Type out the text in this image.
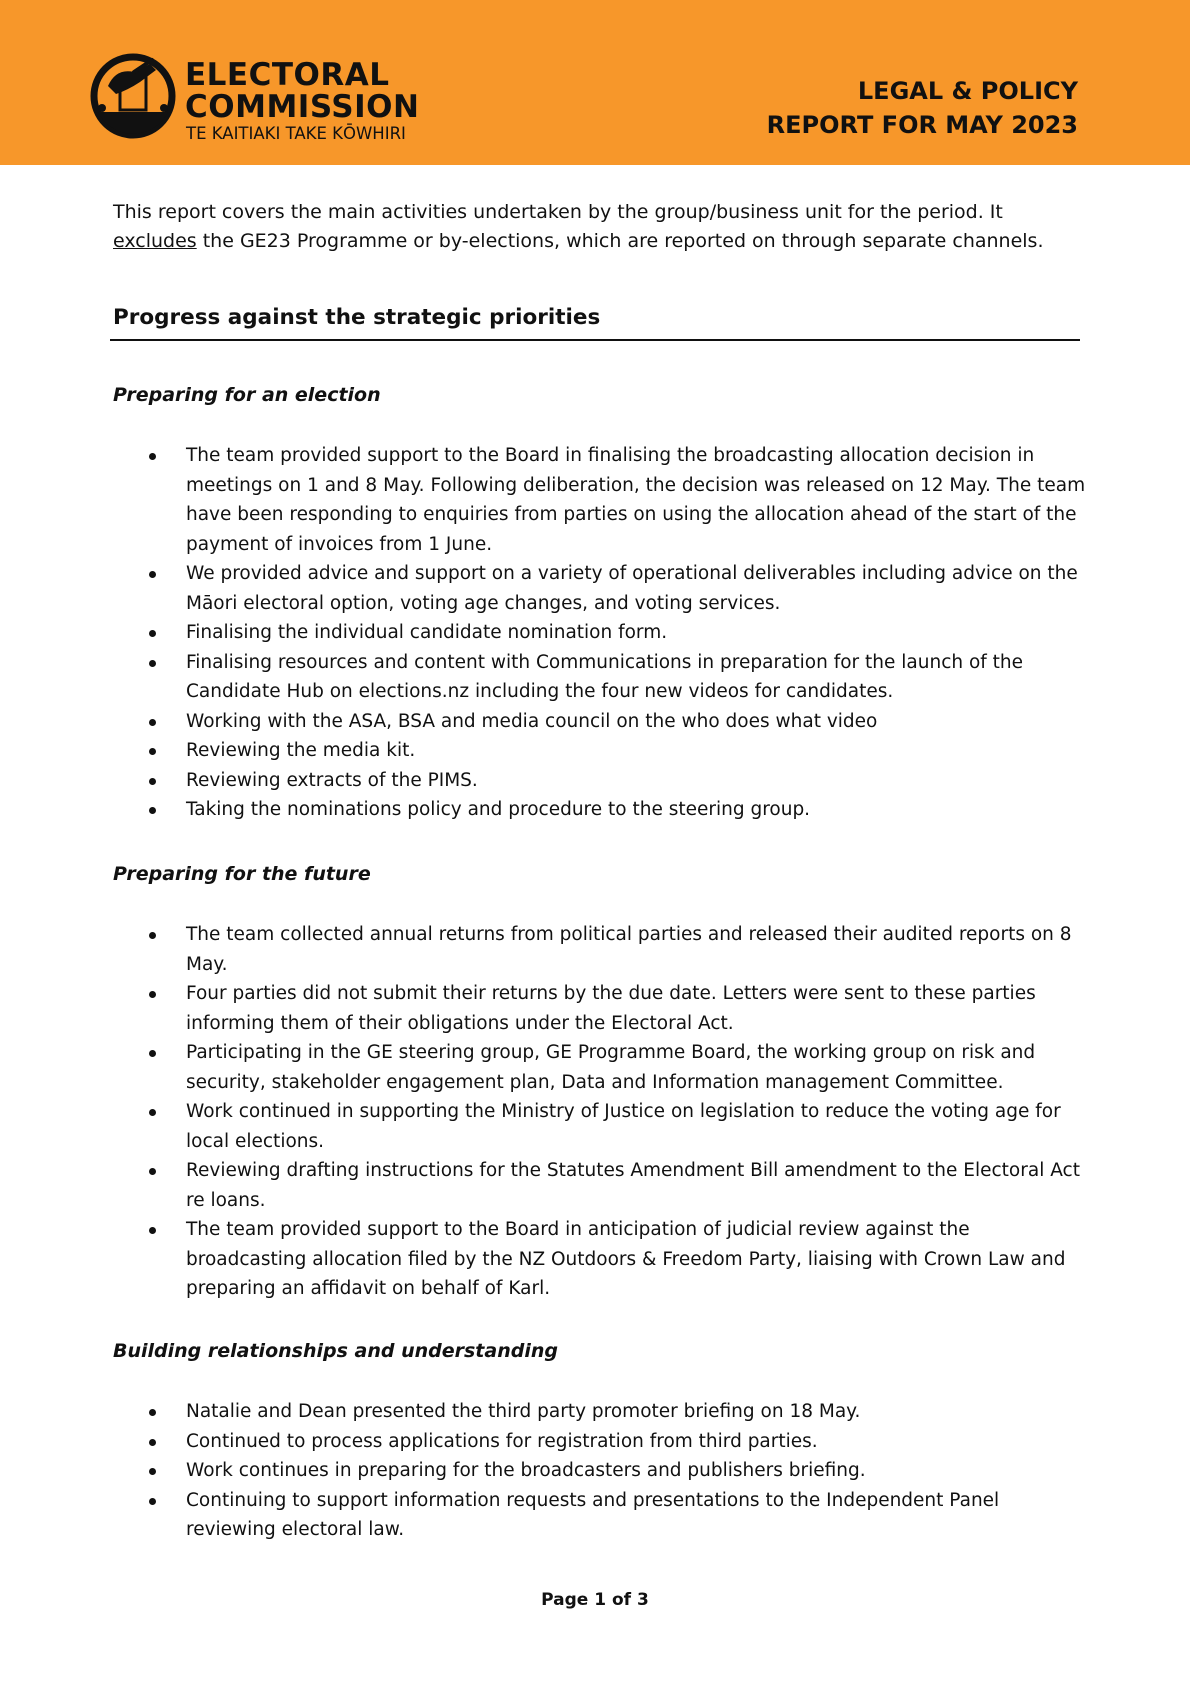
ELECTORAL
COMMISSION
TE KAITIAKI TAKE KŌWHIRI
LEGAL & POLICY
REPORT FOR MAY 2023
This report covers the main activities undertaken by the group/business unit for the period. It excludes the GE23 Programme or by-elections, which are reported on through separate channels.
Progress against the strategic priorities
Preparing for an election
The team provided support to the Board in finalising the broadcasting allocation decision in meetings on 1 and 8 May. Following deliberation, the decision was released on 12 May. The team have been responding to enquiries from parties on using the allocation ahead of the start of the payment of invoices from 1 June.
We provided advice and support on a variety of operational deliverables including advice on the Māori electoral option, voting age changes, and voting services.
Finalising the individual candidate nomination form.
Finalising resources and content with Communications in preparation for the launch of the Candidate Hub on elections.nz including the four new videos for candidates.
Working with the ASA, BSA and media council on the who does what video
Reviewing the media kit.
Reviewing extracts of the PIMS.
Taking the nominations policy and procedure to the steering group.
Preparing for the future
The team collected annual returns from political parties and released their audited reports on 8 May.
Four parties did not submit their returns by the due date. Letters were sent to these parties informing them of their obligations under the Electoral Act.
Participating in the GE steering group, GE Programme Board, the working group on risk and security, stakeholder engagement plan, Data and Information management Committee.
Work continued in supporting the Ministry of Justice on legislation to reduce the voting age for local elections.
Reviewing drafting instructions for the Statutes Amendment Bill amendment to the Electoral Act re loans.
The team provided support to the Board in anticipation of judicial review against the broadcasting allocation filed by the NZ Outdoors & Freedom Party, liaising with Crown Law and preparing an affidavit on behalf of Karl.
Building relationships and understanding
Natalie and Dean presented the third party promoter briefing on 18 May.
Continued to process applications for registration from third parties.
Work continues in preparing for the broadcasters and publishers briefing.
Continuing to support information requests and presentations to the Independent Panel reviewing electoral law.
Page 1 of 3
